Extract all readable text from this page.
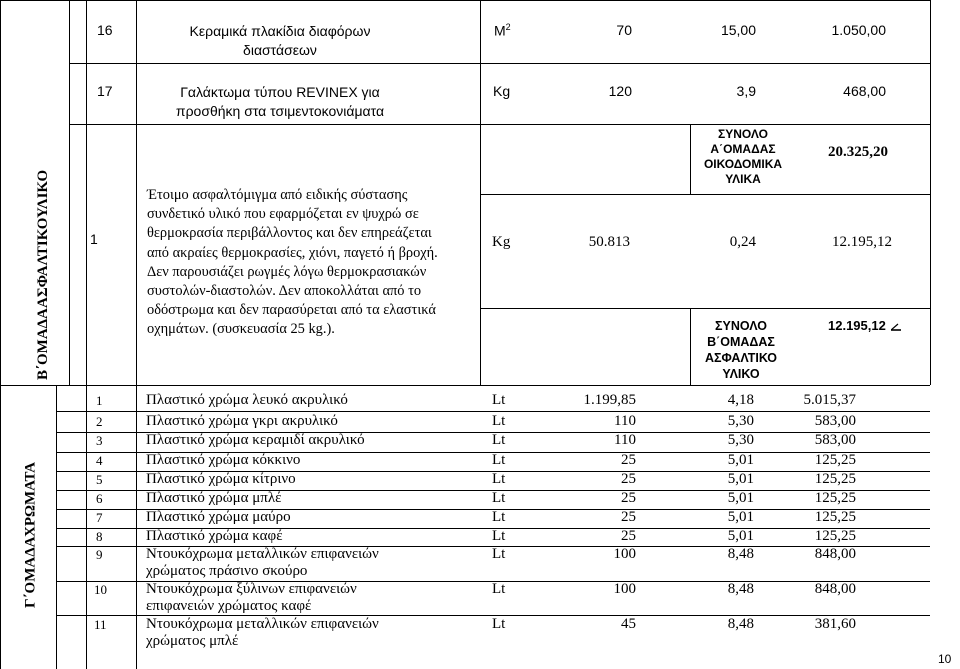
Β΄ΟΜΑΔΑ
ΑΣΦΑΛΤΙΚΟ
ΥΛΙΚΟ
16	Κεραμικά πλακίδια διαφόρων
διαστάσεων
$M^2$	70	15,00	1.050,00
17	Γαλάκτωμα τύπου REVINEX για
προσθήκη στα τσιμεντοκονιάματα
Kg	120	3,9	468,00
ΣΥΝΟΛΟ
Α΄ΟΜΑΔΑΣ
ΟΙΚΟΔΟΜΙΚΑ
ΥΛΙΚΑ
20.325,20
1
Έτοιμο ασφαλτόμιγμα από ειδικής σύστασης
συνδετικό υλικό που εφαρμόζεται εν ψυχρώ σε
θερμοκρασία περιβάλλοντος και δεν επηρεάζεται
από ακραίες θερμοκρασίες, χιόνι, παγετό ή βροχή.
Δεν παρουσιάζει ρωγμές λόγω θερμοκρασιακών
συστολών-διαστολών. Δεν αποκολλάται από το
οδόστρωμα και δεν παρασύρεται από τα ελαστικά
οχημάτων. (συσκευασία 25 kg.).
Kg	50.813	0,24	12.195,12
ΣΥΝΟΛΟ
Β΄ΟΜΑΔΑΣ
ΑΣΦΑΛΤΙΚΟ
ΥΛΙΚΟ
12.195,12
Γ΄ΟΜΑΔΑ
ΧΡΩΜΑΤΑ
1	Πλαστικό χρώμα λευκό ακρυλικό	Lt	1.199,85	4,18	5.015,37
2	Πλαστικό χρώμα γκρι ακρυλικό	Lt	110	5,30	583,00
3	Πλαστικό χρώμα κεραμιδί ακρυλικό	Lt	110	5,30	583,00
4	Πλαστικό χρώμα κόκκινο	Lt	25	5,01	125,25
5	Πλαστικό χρώμα κίτρινο	Lt	25	5,01	125,25
6	Πλαστικό χρώμα μπλέ	Lt	25	5,01	125,25
7	Πλαστικό χρώμα μαύρο	Lt	25	5,01	125,25
8	Πλαστικό χρώμα καφέ	Lt	25	5,01	125,25
9	Ντουκόχρωμα μεταλλικών επιφανειών
χρώματος πράσινο σκούρο
Lt	100	8,48	848,00
10	Ντουκόχρωμα ξύλινων επιφανειών
επιφανειών χρώματος καφέ
Lt	100	8,48	848,00
11	Ντουκόχρωμα μεταλλικών επιφανειών
χρώματος μπλέ
Lt	45	8,48	381,60
10
